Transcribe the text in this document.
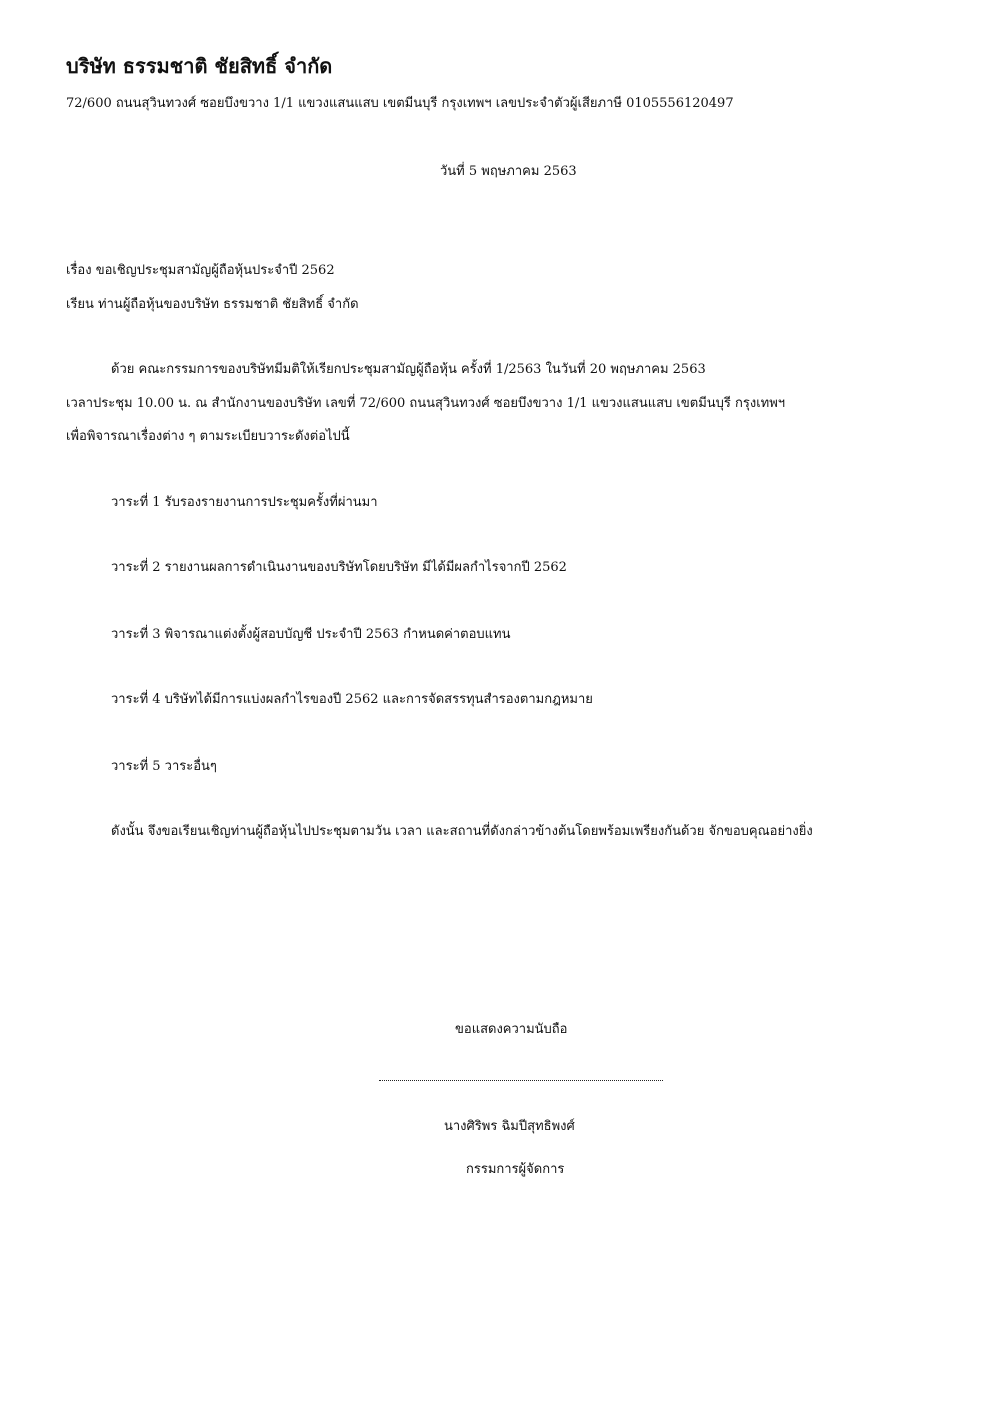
บริษัท ธรรมชาติ ชัยสิทธิ์ จำกัด
72/600 ถนนสุวินทวงศ์ ซอยบึงขวาง 1/1 แขวงแสนแสบ เขตมีนบุรี กรุงเทพฯ เลขประจำตัวผู้เสียภาษี 0105556120497
วันที่ 5 พฤษภาคม 2563
เรื่อง ขอเชิญประชุมสามัญผู้ถือหุ้นประจำปี 2562
เรียน ท่านผู้ถือหุ้นของบริษัท ธรรมชาติ ชัยสิทธิ์ จำกัด
ด้วย คณะกรรมการของบริษัทมีมติให้เรียกประชุมสามัญผู้ถือหุ้น ครั้งที่ 1/2563 ในวันที่ 20 พฤษภาคม 2563
เวลาประชุม 10.00 น. ณ สำนักงานของบริษัท เลขที่ 72/600 ถนนสุวินทวงศ์ ซอยบึงขวาง 1/1 แขวงแสนแสบ เขตมีนบุรี กรุงเทพฯ
เพื่อพิจารณาเรื่องต่าง ๆ ตามระเบียบวาระดังต่อไปนี้
วาระที่ 1 รับรองรายงานการประชุมครั้งที่ผ่านมา
วาระที่ 2 รายงานผลการดำเนินงานของบริษัทโดยบริษัท มีได้มีผลกำไรจากปี 2562
วาระที่ 3 พิจารณาแต่งตั้งผู้สอบบัญชี ประจำปี 2563 กำหนดค่าตอบแทน
วาระที่ 4 บริษัทได้มีการแบ่งผลกำไรของปี 2562 และการจัดสรรทุนสำรองตามกฎหมาย
วาระที่ 5 วาระอื่นๆ
ดังนั้น จึงขอเรียนเชิญท่านผู้ถือหุ้นไปประชุมตามวัน เวลา และสถานที่ดังกล่าวข้างต้นโดยพร้อมเพรียงกันด้วย จักขอบคุณอย่างยิ่ง
ขอแสดงความนับถือ
นางศิริพร ฉิมปีสุทธิพงศ์
กรรมการผู้จัดการ
